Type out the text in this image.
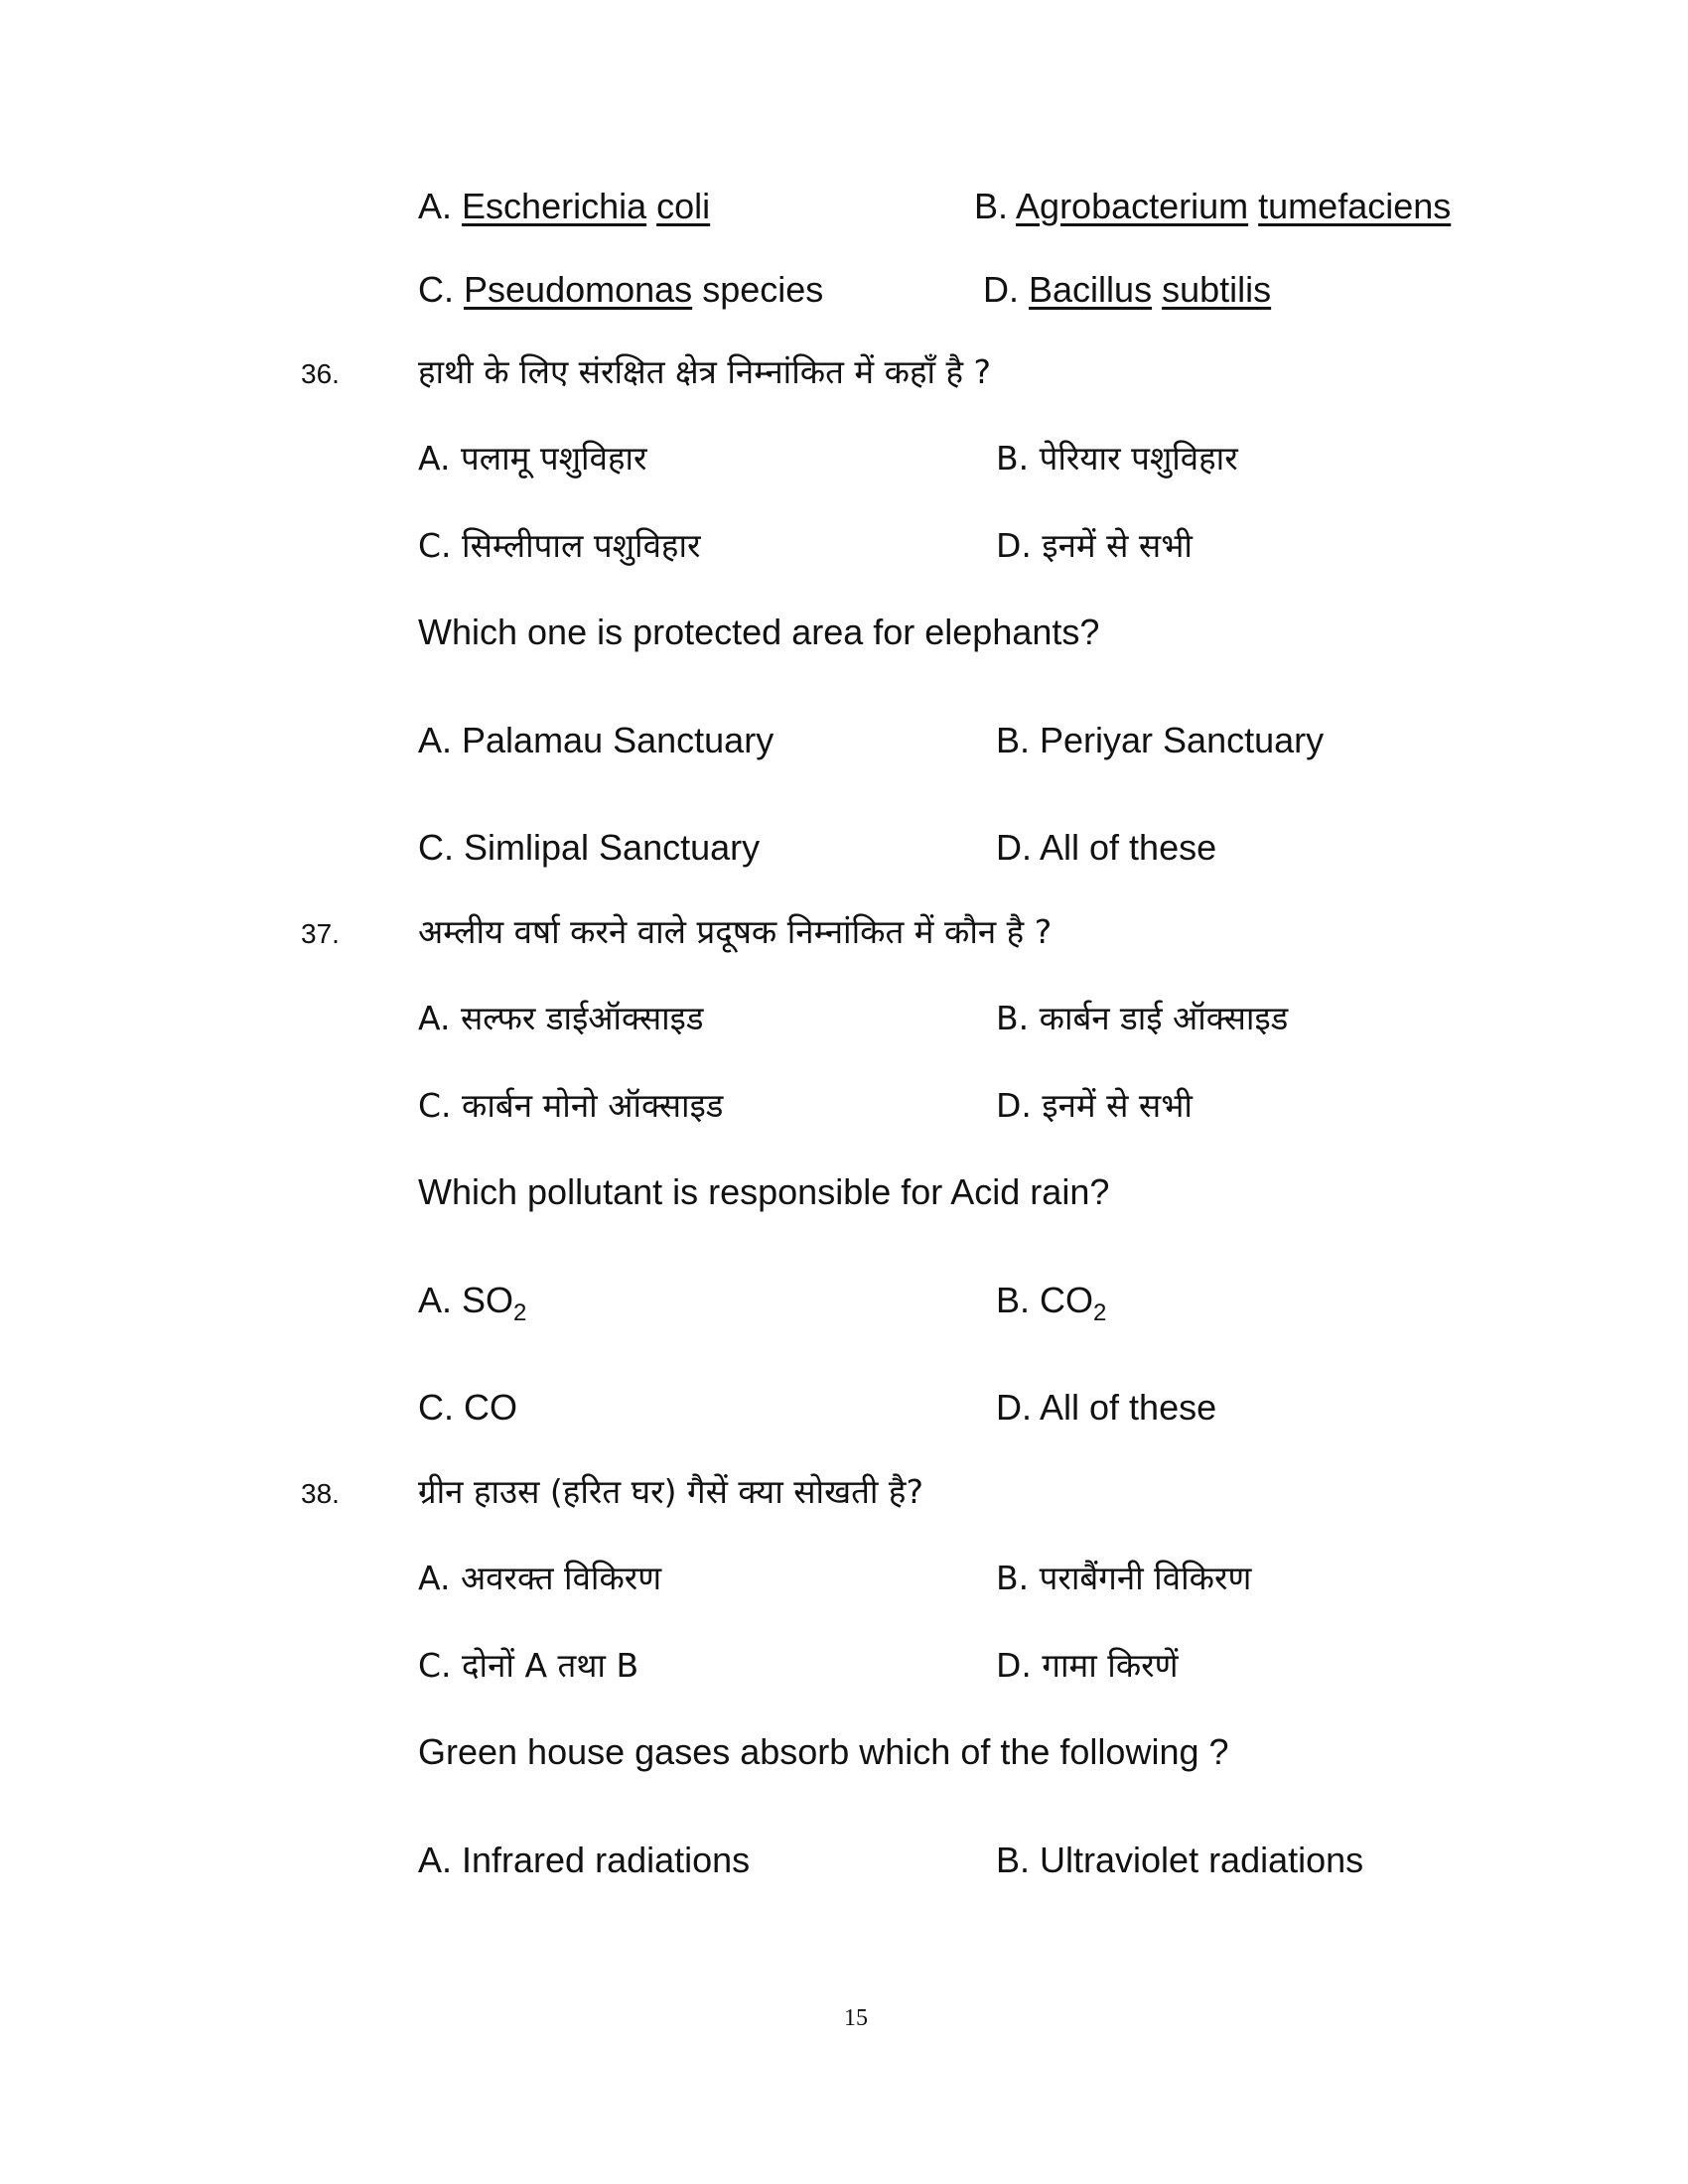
A. Escherichia coli	B. Agrobacterium tumefaciens
C. Pseudomonas species	D. Bacillus subtilis
36. हाथी के लिए संरक्षित क्षेत्र निम्नांकित में कहाँ है ?
A. पलामू पशुविहार	B. पेरियार पशुविहार
C. सिम्लीपाल पशुविहार	D. इनमें से सभी
Which one is protected area for elephants?
A. Palamau Sanctuary	B. Periyar Sanctuary
C. Simlipal Sanctuary	D. All of these
37. अम्लीय वर्षा करने वाले प्रदूषक निम्नांकित में कौन है ?
A. सल्फर डाईऑक्साइड	B. कार्बन डाई ऑक्साइड
C. कार्बन मोनो ऑक्साइड	D. इनमें से सभी
Which pollutant is responsible for Acid rain?
A. $SO_2$	B. $CO_2$
C. CO	D. All of these
38. ग्रीन हाउस (हरित घर) गैसें क्या सोखती है?
A. अवरक्त विकिरण	B. पराबैंगनी विकिरण
C. दोनों A तथा B	D. गामा किरणें
Green house gases absorb which of the following ?
A. Infrared radiations	B. Ultraviolet radiations
15
